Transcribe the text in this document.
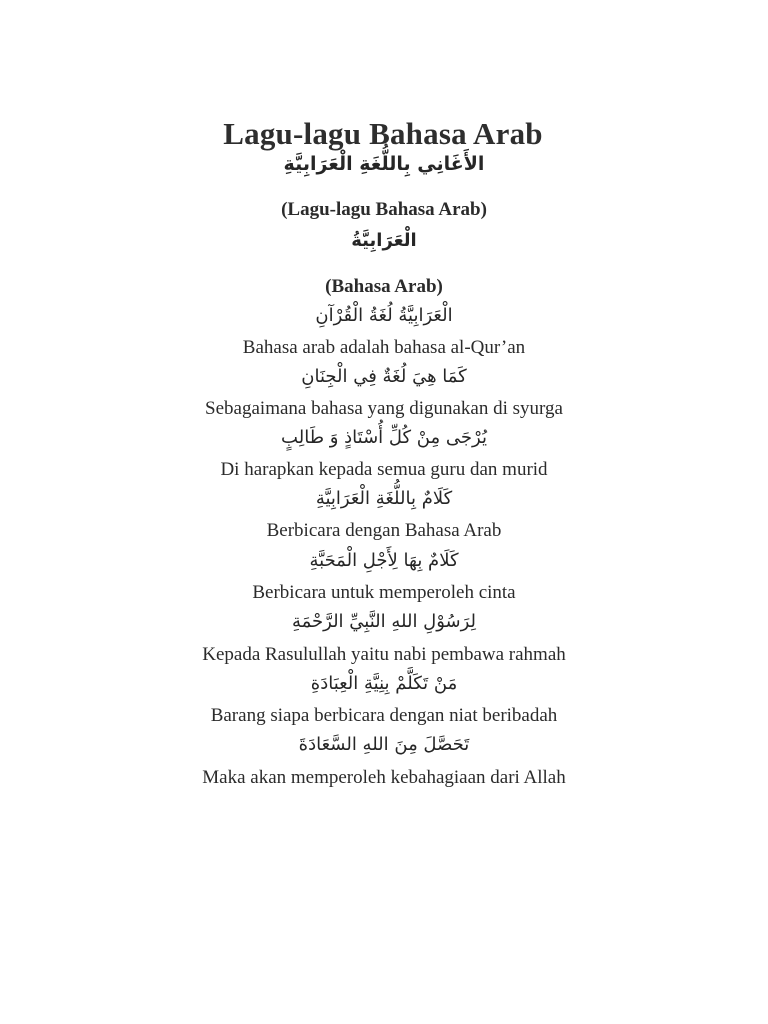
Lagu-lagu Bahasa Arab
الأَغَانِي بِاللُّغَةِ الْعَرَابِيَّةِ
(Lagu-lagu Bahasa Arab)
الْعَرَابِيَّةُ
(Bahasa Arab)
الْعَرَابِيَّةُ لُغَةُ الْقُرْآنِ
Bahasa arab adalah bahasa al-Qur’an
كَمَا هِيَ لُغَةٌ فِي الْجِنَانِ
Sebagaimana bahasa yang digunakan di syurga
يُرْجَى مِنْ كُلِّ أُسْتَاذٍ وَ طَالِبٍ
Di harapkan kepada semua guru dan murid
كَلَامٌ بِاللُّغَةِ الْعَرَابِيَّةِ
Berbicara dengan Bahasa Arab
كَلَامٌ بِهَا لِأَجْلِ الْمَحَبَّةِ
Berbicara untuk memperoleh cinta
لِرَسُوْلِ اللهِ النَّبِيِّ الرَّحْمَةِ
Kepada Rasulullah yaitu nabi pembawa rahmah
مَنْ تَكَلَّمْ بِنِيَّةِ الْعِبَادَةِ
Barang siapa berbicara dengan niat beribadah
تَحَصَّلَ مِنَ اللهِ السَّعَادَةَ
Maka akan memperoleh kebahagiaan dari Allah
